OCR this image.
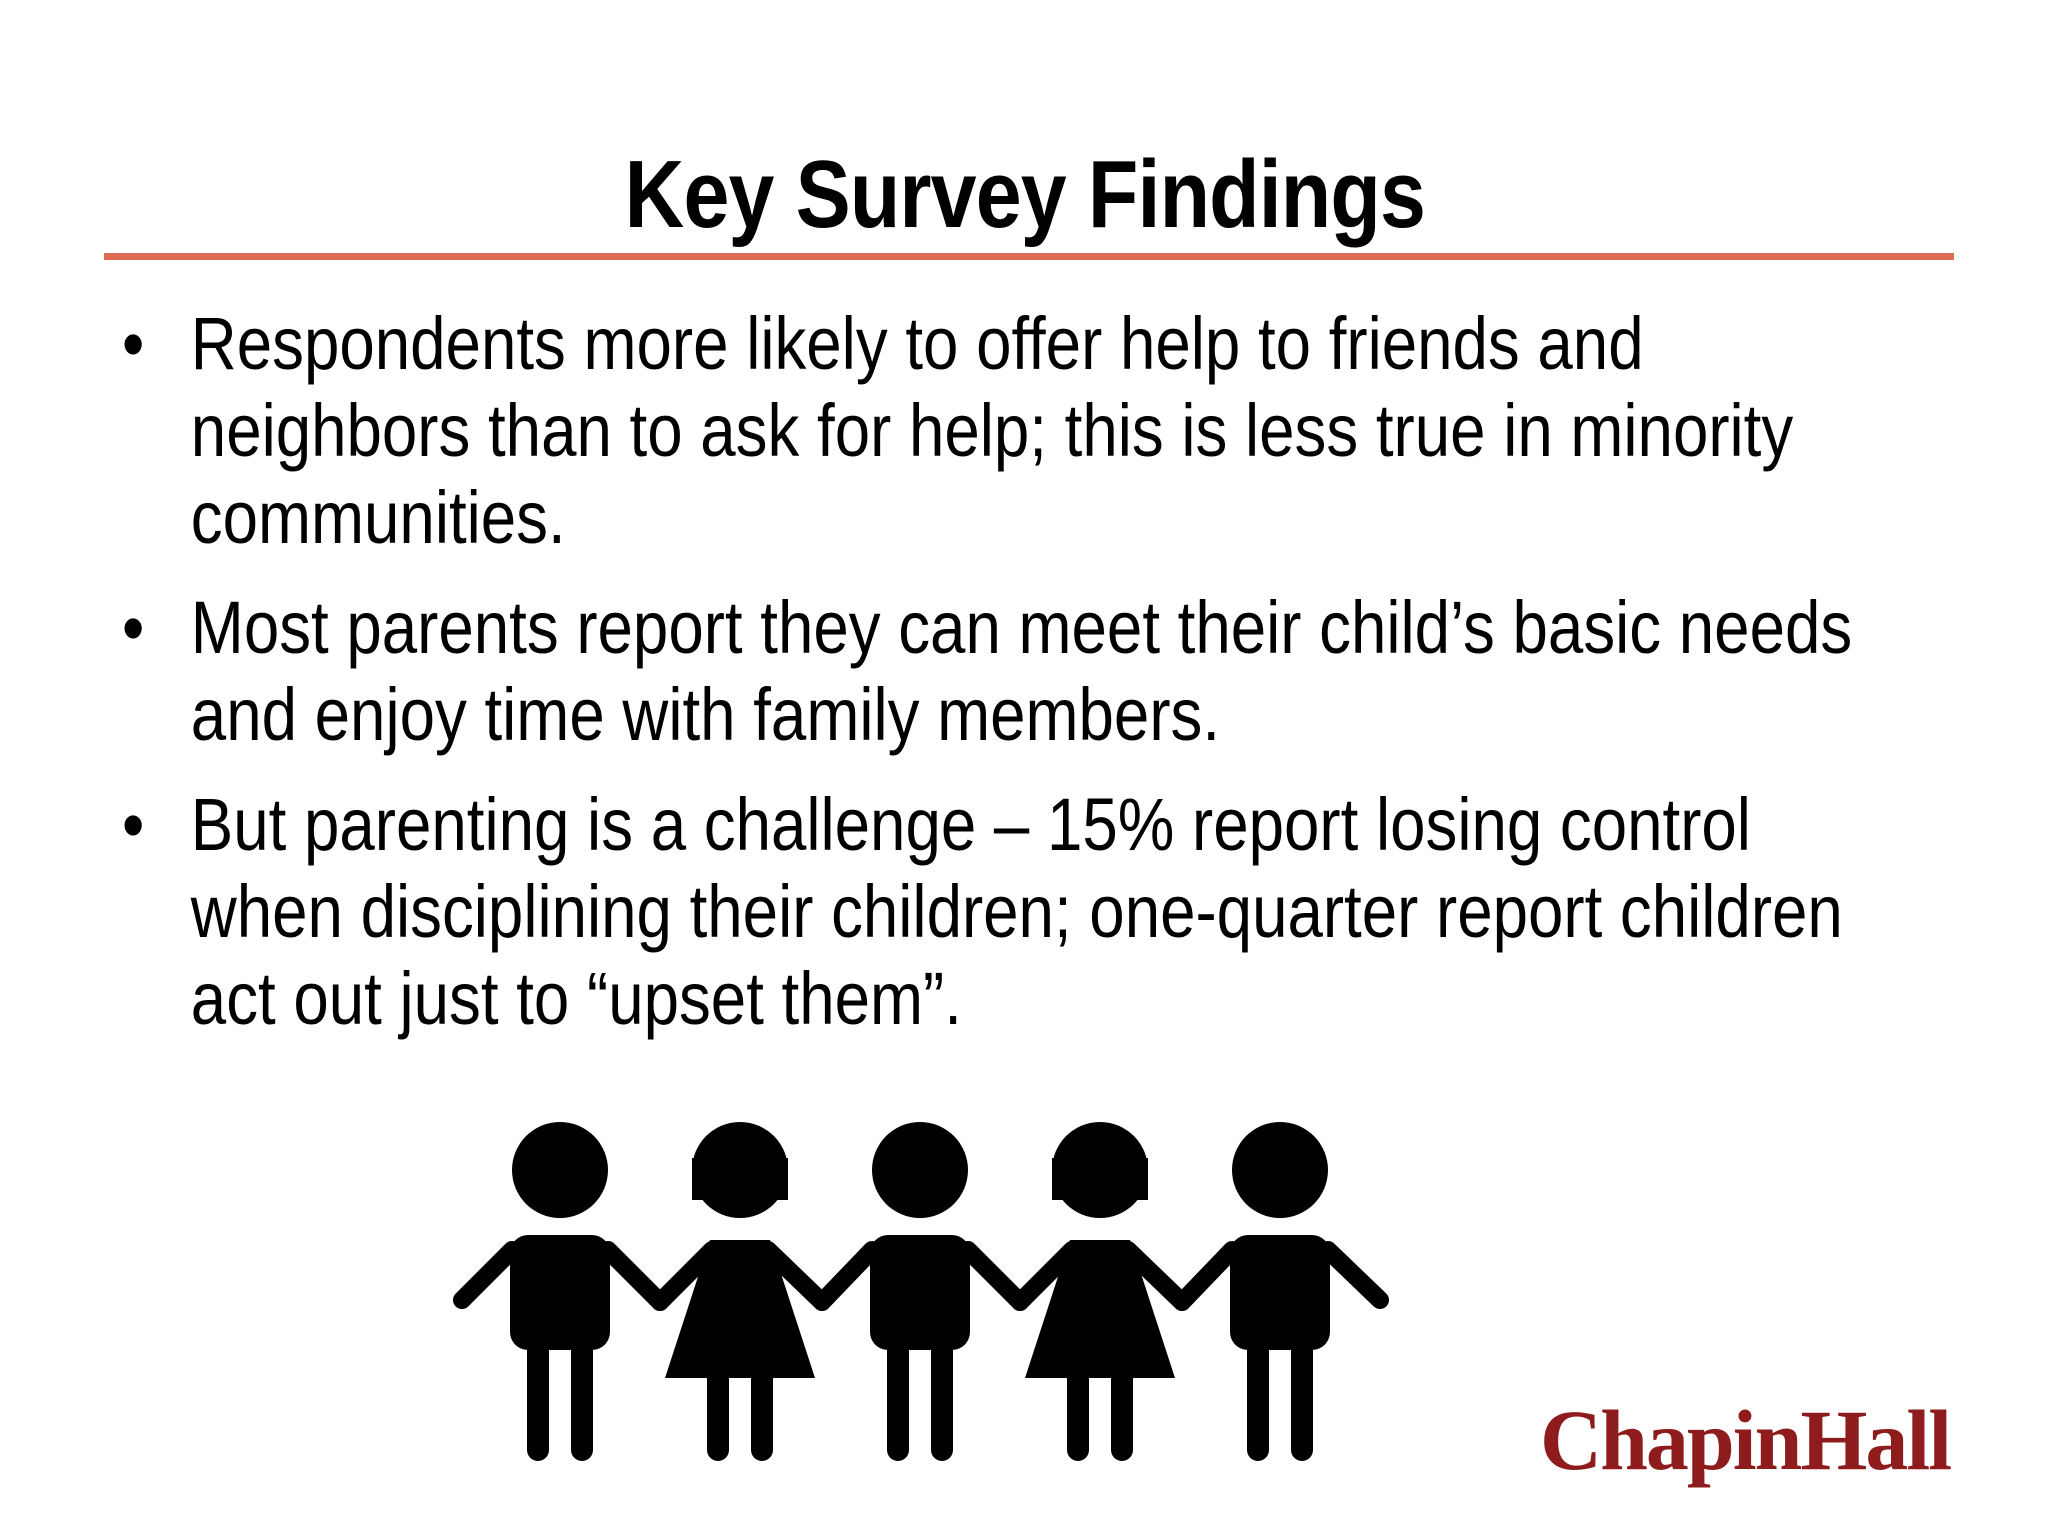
Key Survey Findings
• Respondents more likely to offer help to friends and
neighbors than to ask for help; this is less true in minority
communities.
• Most parents report they can meet their child’s basic needs
and enjoy time with family members.
• But parenting is a challenge – 15% report losing control
when disciplining their children; one-quarter report children
act out just to “upset them”.
ChapinHall
